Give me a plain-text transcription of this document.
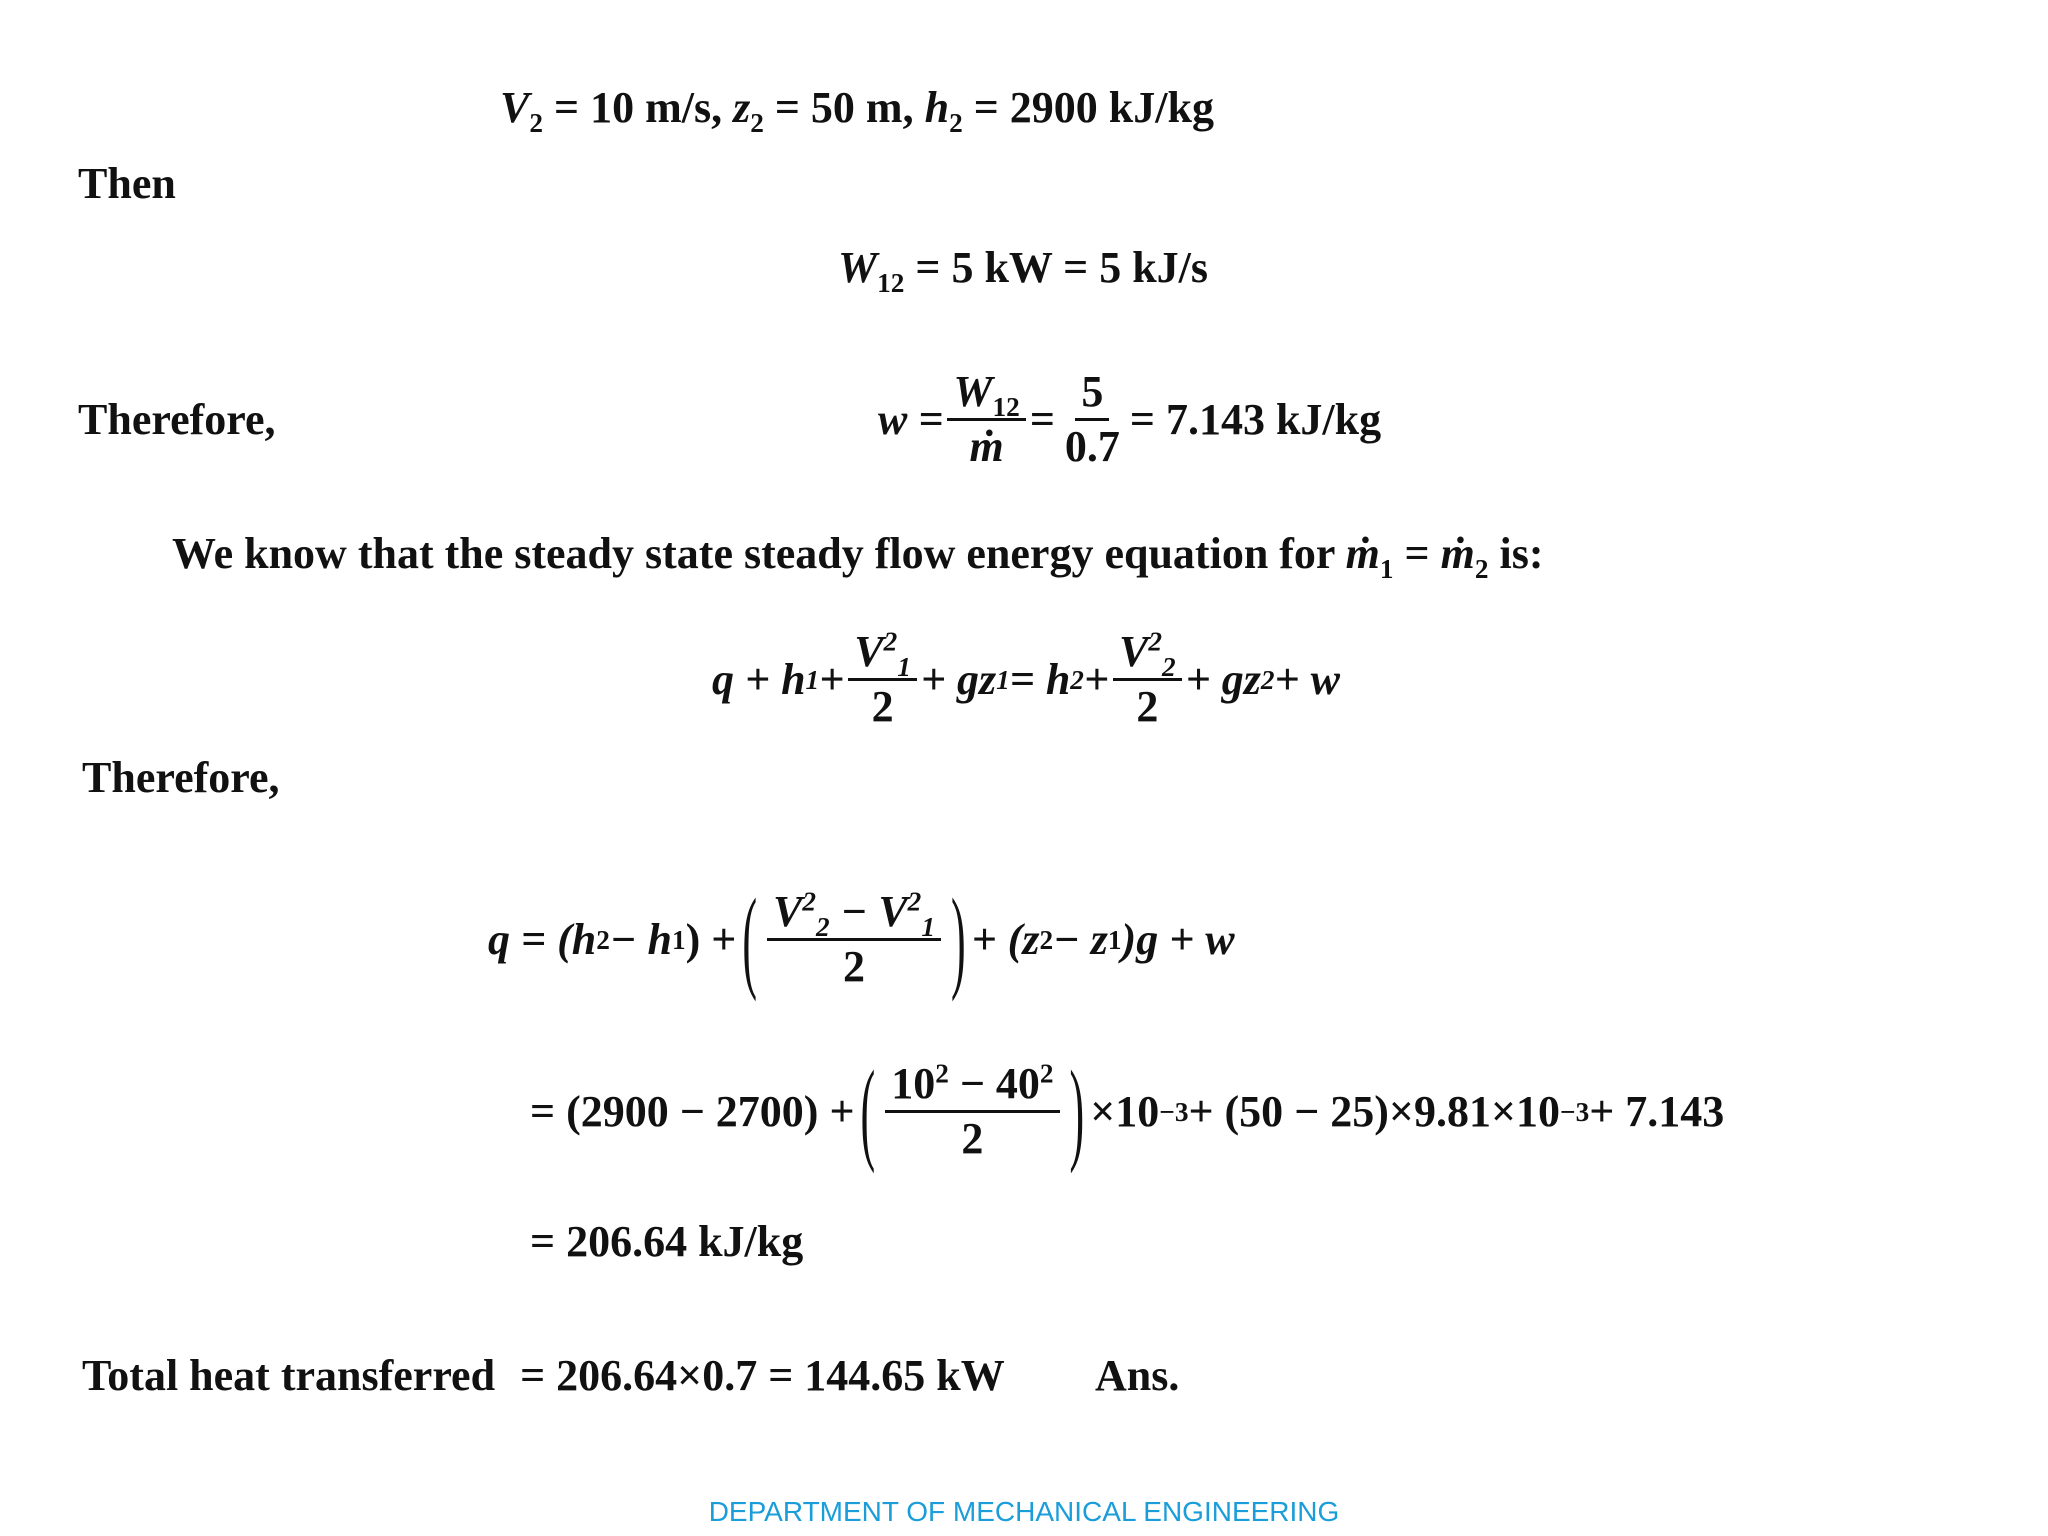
$V_2 = 10$ m/s, $z_2 = 50$ m, $h_2 = 2900$ kJ/kg
Then
$W_{12} = 5$ kW = 5 kJ/s
Therefore,	$w = \frac{W_{12}}{\text{ṁ}} = \frac{5}{0.7} = 7.143$ kJ/kg
We know that the steady state steady flow energy equation for ṁ$_1$ = ṁ$_2$ is:
q + h $1 + \frac{V^2_1}{2}$ + gz 1 = h $2 + \frac{V^2_2}{2}$ + gz 2 + w
Therefore,
q = (h 2 − h 1 ) + ( $\frac{V^2_2 - V^2_1}{2}$ ) + (z 2 − z 1 )g + w
= (2900 − 2700) + ( $\frac{10^2 - 40^2}{2}$ ) ×10 −3 + (50 − 25)×9.81×10 −3 + 7.143
= 206.64 kJ/kg
Total heat transferred = 206.64×0.7 = 144.65 kW Ans.
DEPARTMENT OF MECHANICAL ENGINEERING
